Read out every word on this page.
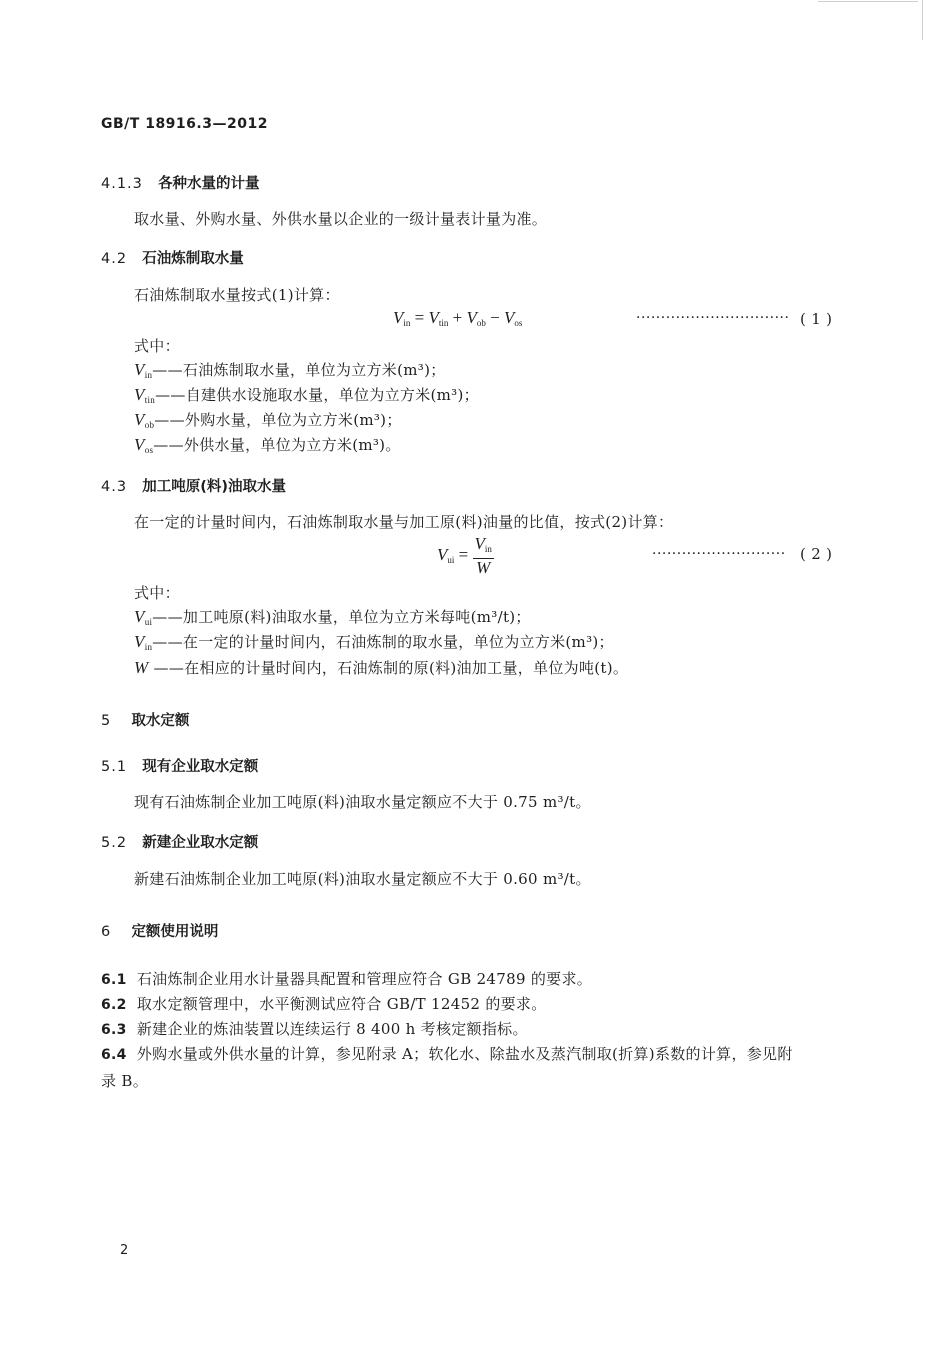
GB/T 18916.3—2012
4.1.3 各种水量的计量
取水量、外购水量、外供水量以企业的一级计量表计量为准。
4.2 石油炼制取水量
石油炼制取水量按式(1)计算：
$V_{in} = V_{tin} + V_{ob} - V_{os}$	······························· ( 1 )
式中：
$V_{in}——$石油炼制取水量，单位为立方米(m³)；
$V_{tin}——$自建供水设施取水量，单位为立方米(m³)；
$V_{ob}——$外购水量，单位为立方米(m³)；
$V_{os}——$外供水量，单位为立方米(m³)。
4.3 加工吨原(料)油取水量
在一定的计量时间内，石油炼制取水量与加工原(料)油量的比值，按式(2)计算：
$V_{ui} = \frac{V_{in}}{W}$	··························· ( 2 )
式中：
$V_{ui}——$加工吨原(料)油取水量，单位为立方米每吨(m³/t)；
$V_{in}——$在一定的计量时间内，石油炼制的取水量，单位为立方米(m³)；
W ——在相应的计量时间内，石油炼制的原(料)油加工量，单位为吨(t)。
5 取水定额
5.1 现有企业取水定额
现有石油炼制企业加工吨原(料)油取水量定额应不大于 0.75 m³/t。
5.2 新建企业取水定额
新建石油炼制企业加工吨原(料)油取水量定额应不大于 0.60 m³/t。
6 定额使用说明
6.1 石油炼制企业用水计量器具配置和管理应符合 GB 24789 的要求。
6.2 取水定额管理中，水平衡测试应符合 GB/T 12452 的要求。
6.3 新建企业的炼油装置以连续运行 8 400 h 考核定额指标。
6.4 外购水量或外供水量的计算，参见附录 A；软化水、除盐水及蒸汽制取(折算)系数的计算，参见附
录 B。
2
